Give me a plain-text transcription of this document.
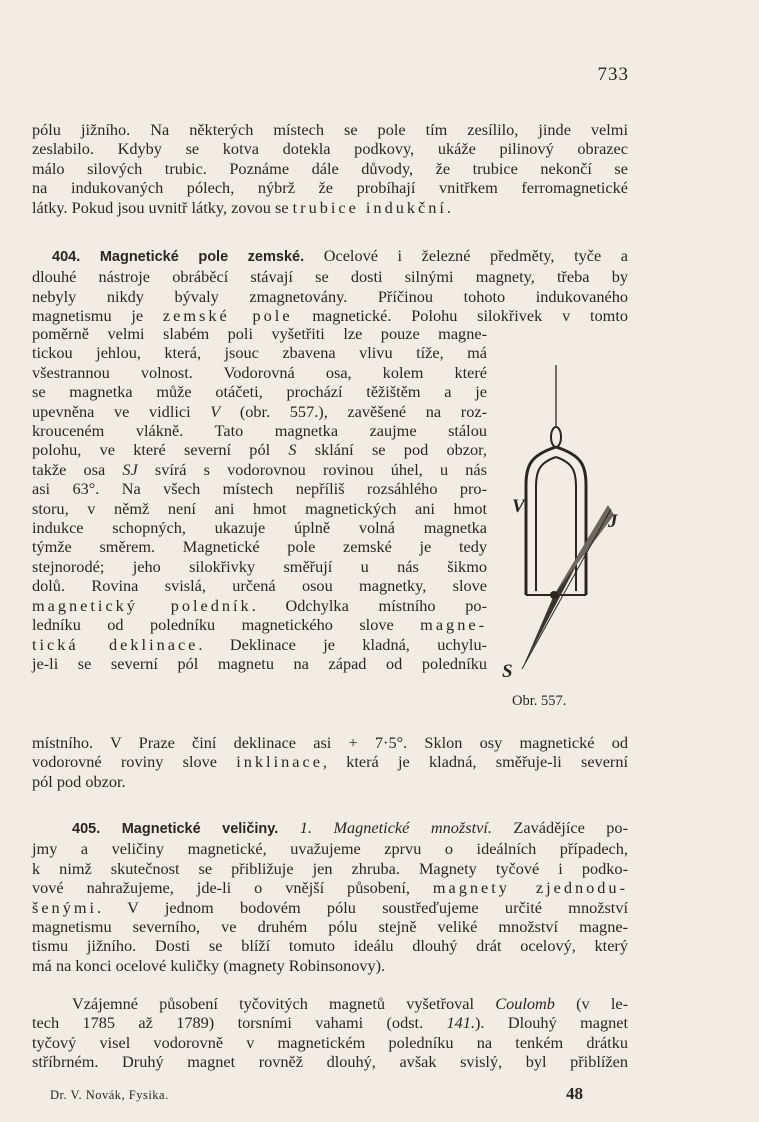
733
pólu jižního. Na některých místech se pole tím zesílilo, jinde velmi
zeslabilo. Kdyby se kotva dotekla podkovy, ukáže pilinový obrazec
málo silových trubic. Poznáme dále důvody, že trubice nekončí se
na indukovaných pólech, nýbrž že probíhají vnitřkem ferromagnetické
látky. Pokud jsou uvnitř látky, zovou se trubice indukční.
404. Magnetické pole zemské. Ocelové i železné předměty, tyče a
dlouhé nástroje obráběcí stávají se dosti silnými magnety, třeba by
nebyly nikdy bývaly zmagnetovány. Příčinou tohoto indukovaného
magnetismu je zemské pole magnetické. Polohu silokřivek v tomto
poměrně velmi slabém poli vyšetřiti lze pouze magne-
tickou jehlou, která, jsouc zbavena vlivu tíže, má
všestrannou volnost. Vodorovná osa, kolem které
se magnetka může otáčeti, prochází těžištěm a je
upevněna ve vidlici V (obr. 557.), zavěšené na roz-
krouceném vlákně. Tato magnetka zaujme stálou
polohu, ve které severní pól S sklání se pod obzor,
takže osa SJ svírá s vodorovnou rovinou úhel, u nás
asi 63°. Na všech místech nepříliš rozsáhlého pro-
storu, v němž není ani hmot magnetických ani hmot
indukce schopných, ukazuje úplně volná magnetka
týmže směrem. Magnetické pole zemské je tedy
stejnorodé; jeho silokřivky směřují u nás šikmo
dolů. Rovina svislá, určená osou magnetky, slove
magnetický poledník. Odchylka místního po-
ledníku od poledníku magnetického slove magne-
tická deklinace. Deklinace je kladná, uchylu-
je-li se severní pól magnetu na západ od poledníku
místního. V Praze činí deklinace asi + 7·5°. Sklon osy magnetické od
vodorovné roviny slove inklinace, která je kladná, směřuje-li severní
pól pod obzor.
V
J
S
Obr. 557.
405. Magnetické veličiny. 1. Magnetické množství. Zavádějíce po-
jmy a veličiny magnetické, uvažujeme zprvu o ideálních případech,
k nimž skutečnost se přibližuje jen zhruba. Magnety tyčové i podko-
vové nahražujeme, jde-li o vnější působení, magnety zjednodu-
šenými. V jednom bodovém pólu soustřeďujeme určité množství
magnetismu severního, ve druhém pólu stejně veliké množství magne-
tismu jižního. Dosti se blíží tomuto ideálu dlouhý drát ocelový, který
má na konci ocelové kuličky (magnety Robinsonovy).
Vzájemné působení tyčovitých magnetů vyšetřoval Coulomb (v le-
tech 1785 až 1789) torsními vahami (odst. 141.). Dlouhý magnet
tyčový visel vodorovně v magnetickém poledníku na tenkém drátku
stříbrném. Druhý magnet rovněž dlouhý, avšak svislý, byl přiblížen
Dr. V. Novák, Fysika.	48
